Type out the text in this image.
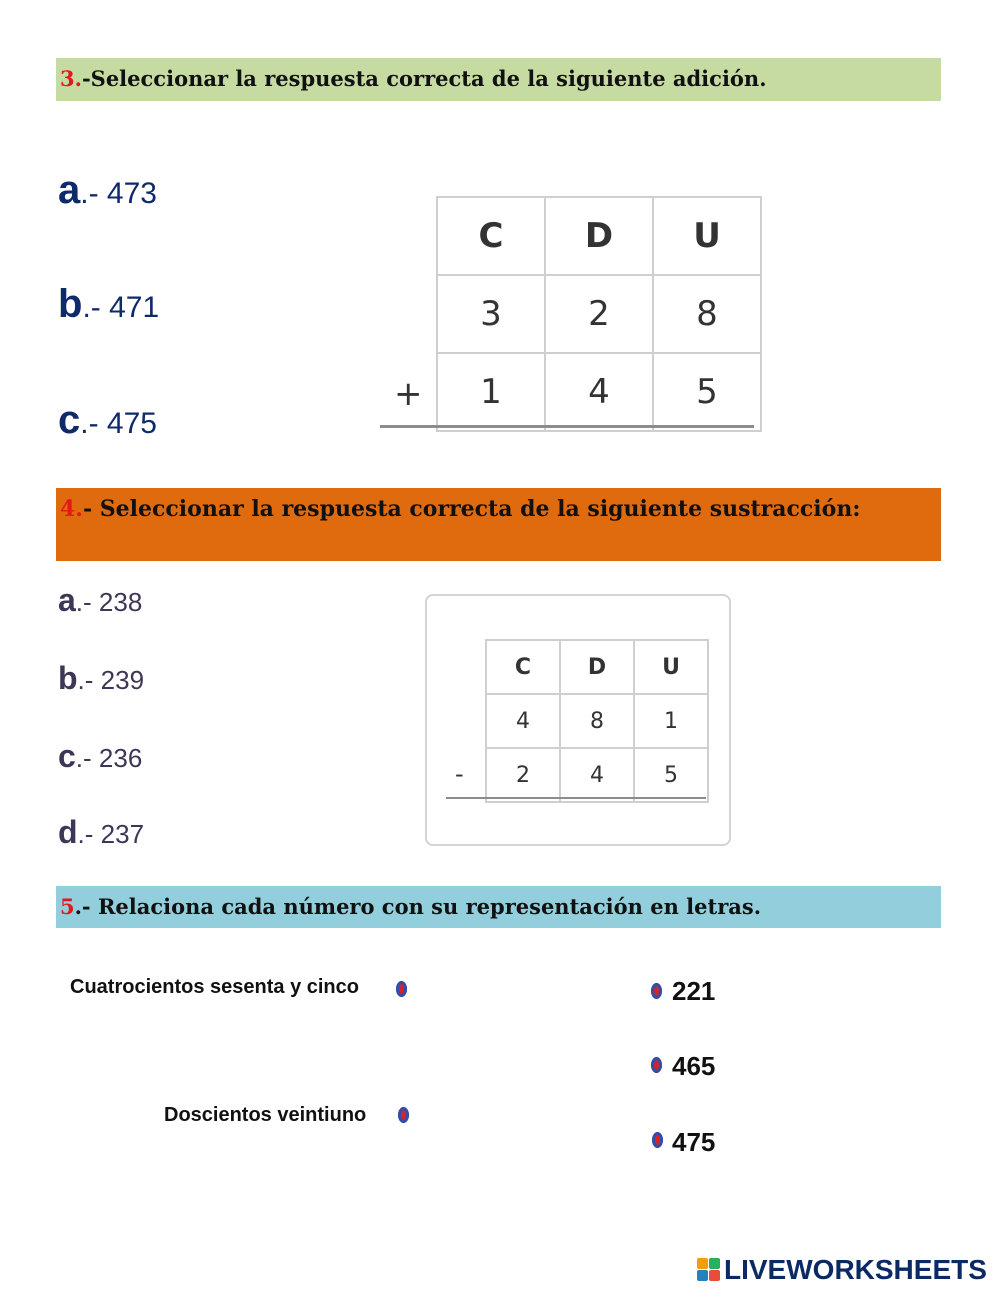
3.-Seleccionar la respuesta correcta de la siguiente adición.
a.- 473
b.- 471
c.- 475
C	D	U
3	2	8
1	4	5
+
4.- Seleccionar la respuesta correcta de la siguiente sustracción:
a.- 238
b.- 239
c.- 236
d.- 237
C	D	U
4	8	1
2	4	5
-
5.- Relaciona cada número con su representación en letras.
Cuatrocientos sesenta y cinco
Doscientos veintiuno
221
465
475
LIVEWORKSHEETS
